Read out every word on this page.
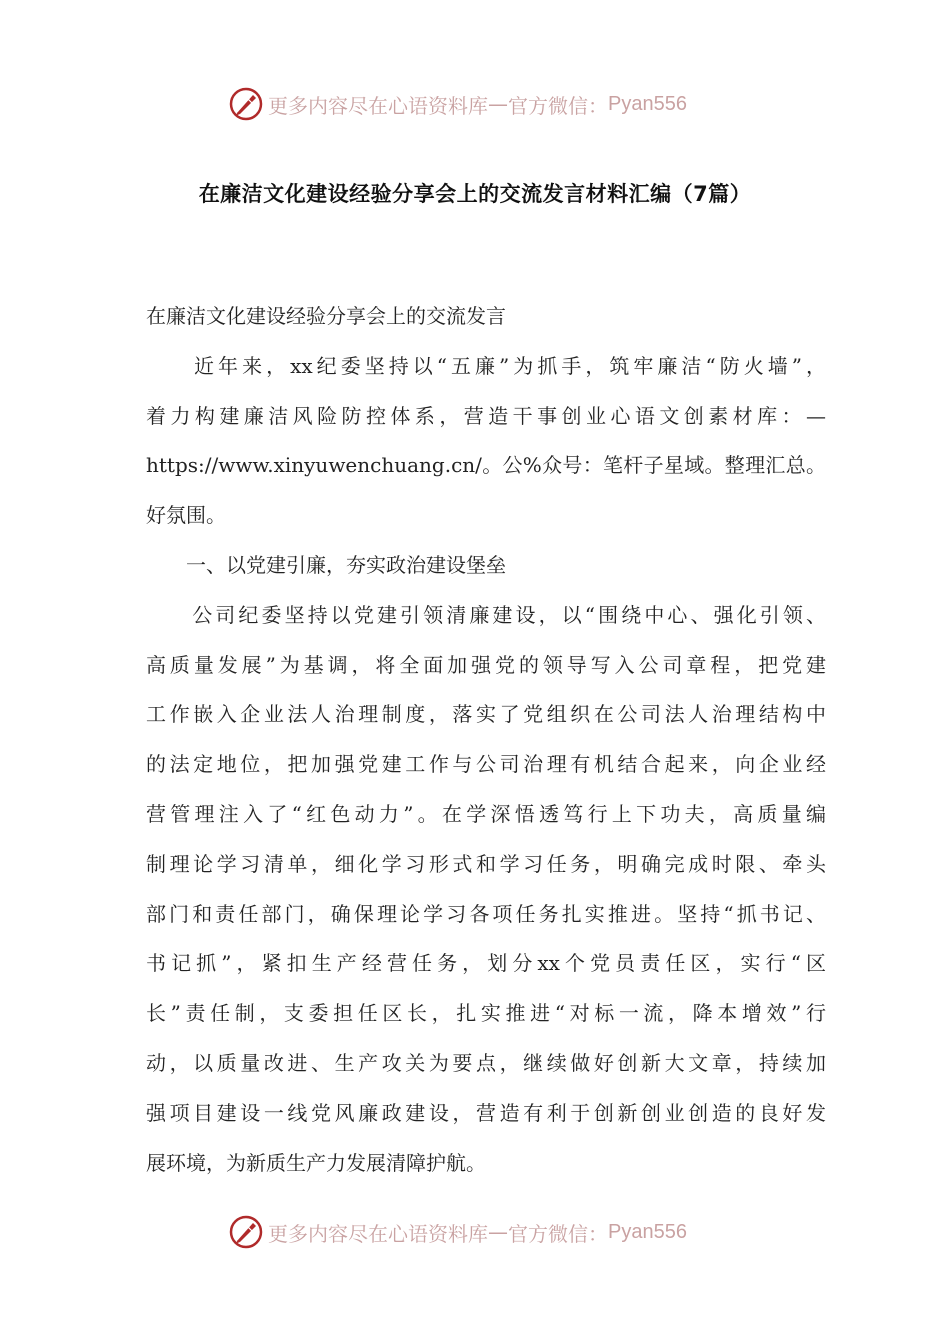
更多内容尽在心语资料库 — 官方微信： Pyan556
在廉洁文化建设经验分享会上的交流发言材料汇编（7篇）
在廉洁文化建设经验分享会上的交流发言
　　近年来，xx纪委坚持以“五廉”为抓手，筑牢廉洁“防火墙”，
着力构建廉洁风险防控体系，营造干事创业心语文创素材库：—
https://www.xinyuwenchuang.cn/。公%众号：笔杆子星域。整理汇总。
好氛围。
　　一、以党建引廉，夯实政治建设堡垒
　　公司纪委坚持以党建引领清廉建设，以“围绕中心、强化引领、
高质量发展”为基调，将全面加强党的领导写入公司章程，把党建
工作嵌入企业法人治理制度，落实了党组织在公司法人治理结构中
的法定地位，把加强党建工作与公司治理有机结合起来，向企业经
营管理注入了“红色动力”。在学深悟透笃行上下功夫，高质量编
制理论学习清单，细化学习形式和学习任务，明确完成时限、牵头
部门和责任部门，确保理论学习各项任务扎实推进。坚持“抓书记、
书记抓”，紧扣生产经营任务，划分xx个党员责任区，实行“区
长”责任制，支委担任区长，扎实推进“对标一流，降本增效”行
动，以质量改进、生产攻关为要点，继续做好创新大文章，持续加
强项目建设一线党风廉政建设，营造有利于创新创业创造的良好发
展环境，为新质生产力发展清障护航。
更多内容尽在心语资料库 — 官方微信： Pyan556
